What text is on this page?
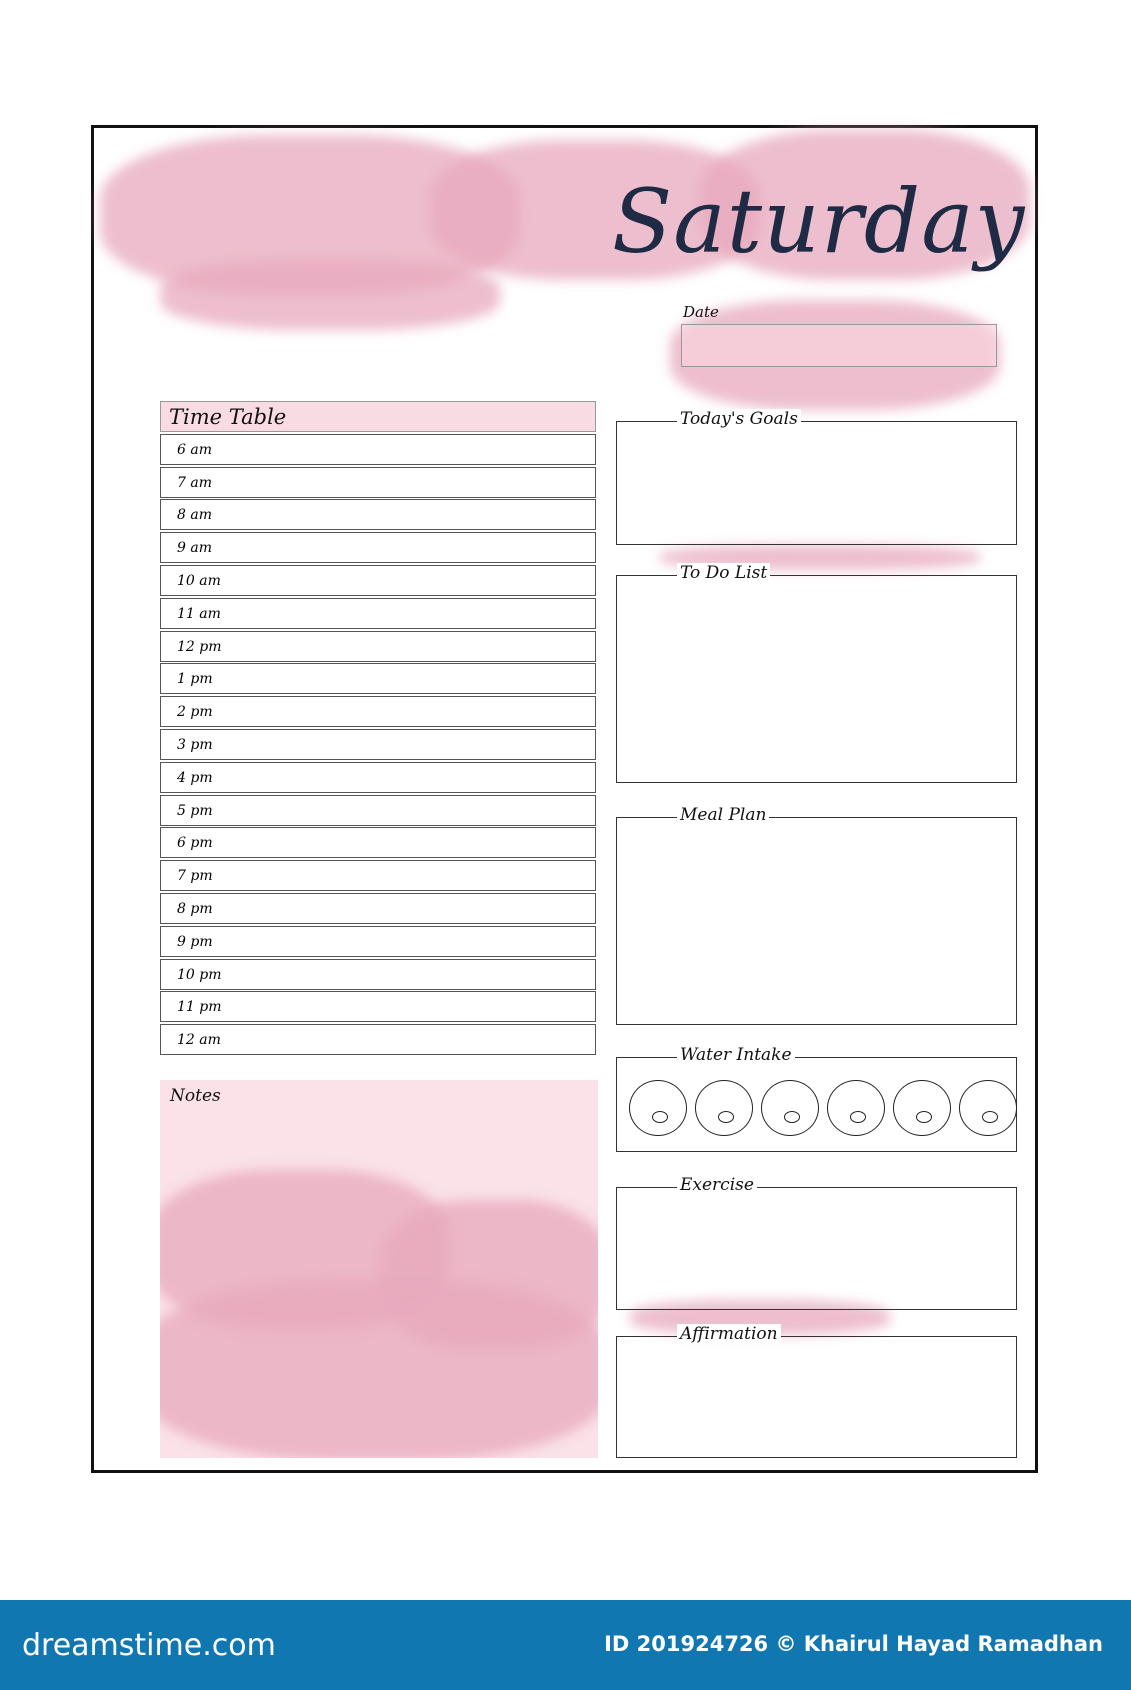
Saturday
Date
Time Table
6 am
7 am
8 am
9 am
10 am
11 am
12 pm
1 pm
2 pm
3 pm
4 pm
5 pm
6 pm
7 pm
8 pm
9 pm
10 pm
11 pm
12 am
Notes
Today's Goals
To Do List
Meal Plan
Water Intake
Exercise
Affirmation
dreamstime.com	ID 201924726 © Khairul Hayad Ramadhan
